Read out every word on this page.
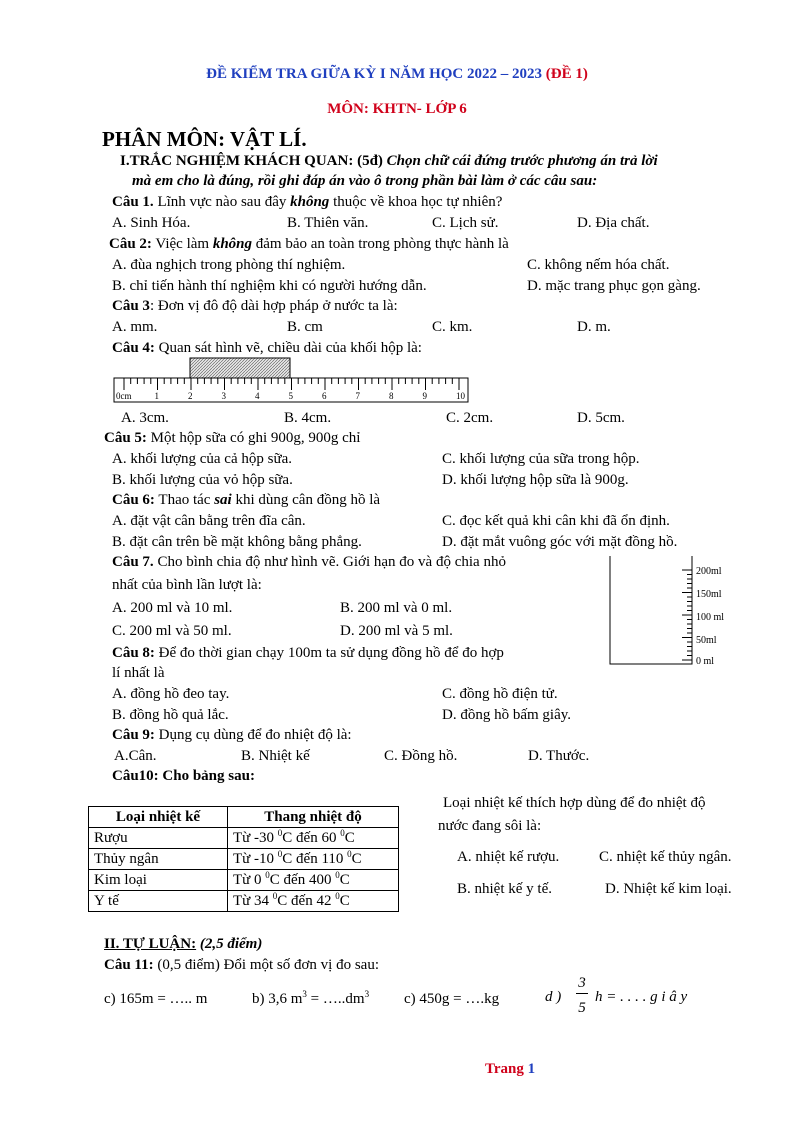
ĐỀ KIỂM TRA GIỮA KỲ I NĂM HỌC 2022 – 2023 (ĐỀ 1)
MÔN: KHTN- LỚP 6
PHÂN MÔN: VẬT LÍ.
I.TRẮC NGHIỆM KHÁCH QUAN: (5đ) Chọn chữ cái đứng trước phương án trả lời
mà em cho là đúng, rồi ghi đáp án vào ô trong phần bài làm ở các câu sau:
Câu 1. Lĩnh vực nào sau đây không thuộc về khoa học tự nhiên?
A. Sinh Hóa.	B. Thiên văn.	C. Lịch sử.	D. Địa chất.
Câu 2: Việc làm không đảm bảo an toàn trong phòng thực hành là
A. đùa nghịch trong phòng thí nghiệm.	C. không nếm hóa chất.
B. chỉ tiến hành thí nghiệm khi có người hướng dẫn.	D. mặc trang phục gọn gàng.
Câu 3: Đơn vị đô độ dài hợp pháp ở nước ta là:
A. mm.	B. cm	C. km.	D. m.
Câu 4: Quan sát hình vẽ, chiều dài của khối hộp là:
0cm	1	2	3	4	5	6	7	8	9	10
A. 3cm.	B. 4cm.	C. 2cm.	D. 5cm.
Câu 5: Một hộp sữa có ghi 900g, 900g chỉ
A. khối lượng của cả hộp sữa.	C. khối lượng của sữa trong hộp.
B. khối lượng của vỏ hộp sữa.	D. khối lượng hộp sữa là 900g.
Câu 6: Thao tác sai khi dùng cân đồng hồ là
A. đặt vật cân bằng trên đĩa cân.	C. đọc kết quả khi cân khi đã ổn định.
B. đặt cân trên bề mặt không bằng phẳng.	D. đặt mắt vuông góc với mặt đồng hồ.
Câu 7. Cho bình chia độ như hình vẽ. Giới hạn đo và độ chia nhỏ
nhất của bình lần lượt là:
A. 200 ml và 10 ml.	B. 200 ml và 0 ml.
C. 200 ml và 50 ml.	D. 200 ml và 5 ml.
200ml
150ml
100 ml
50ml
0 ml
Câu 8: Để đo thời gian chạy 100m ta sử dụng đồng hồ để đo hợp
lí nhất là
A. đồng hồ đeo tay.	C. đồng hồ điện tử.
B. đồng hồ quả lắc.	D. đồng hồ bấm giây.
Câu 9: Dụng cụ dùng để đo nhiệt độ là:
A.Cân.	B. Nhiệt kế	C. Đồng hồ.	D. Thước.
Câu10: Cho bảng sau:
Loại nhiệt kế	Thang nhiệt độ
Rượu	Từ -30 $^0$C đến 60 $^0$C
Thủy ngân	Từ -10 $^0$C đến 110 $^0$C
Kim loại	Từ 0 $^0$C đến 400 $^0$C
Y tế	Từ 34 $^0$C đến 42 $^0$C
Loại nhiệt kế thích hợp dùng để đo nhiệt độ
nước đang sôi là:
A. nhiệt kế rượu.	C. nhiệt kế thủy ngân.
B. nhiệt kế y tế.	D. Nhiệt kế kim loại.
II. TỰ LUẬN: (2,5 điểm)
Câu 11: (0,5 điểm) Đổi một số đơn vị đo sau:
c) 165m = ….. m	b) 3,6 $m^3$ = $\dots..dm^3$ c) 450g = ….kg	d )
3
5
h = . . . . g i â y
Trang 1
